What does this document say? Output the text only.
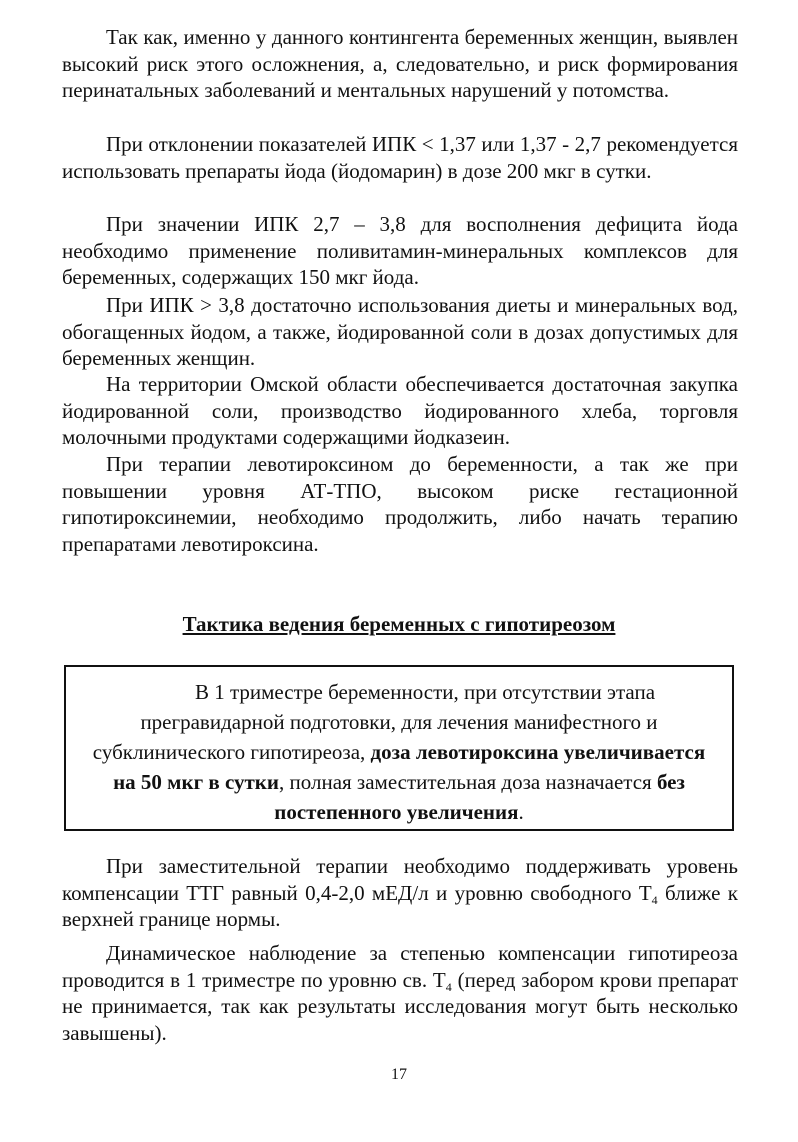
Так как, именно у данного контингента беременных женщин, выявлен высокий риск этого осложнения, а, следовательно, и риск формирования перинатальных заболеваний и ментальных нарушений у потомства.

При отклонении показателей ИПК < 1,37 или 1,37 - 2,7 рекомендуется использовать препараты йода (йодомарин) в дозе 200 мкг в сутки.

При значении ИПК 2,7 – 3,8 для восполнения дефицита йода необходимо применение поливитамин-минеральных комплексов для беременных, содержащих 150 мкг йода.

При ИПК > 3,8 достаточно использования диеты и минеральных вод, обогащенных йодом, а также, йодированной соли в дозах допустимых для беременных женщин.

На территории Омской области обеспечивается достаточная закупка йодированной соли, производство йодированного хлеба, торговля молочными продуктами содержащими йодказеин.

При терапии левотироксином до беременности, а так же при повышении уровня АТ-ТПО, высоком риске гестационной гипотироксинемии, необходимо продолжить, либо начать терапию препаратами левотироксина.

Тактика ведения беременных с гипотиреозом

В 1 триместре беременности, при отсутствии этапа прегравидарной подготовки, для лечения манифестного и субклинического гипотиреоза, доза левотироксина увеличивается на 50 мкг в сутки, полная заместительная доза назначается без постепенного увеличения.

При заместительной терапии необходимо поддерживать уровень компенсации ТТГ равный 0,4-2,0 мЕД/л и уровню свободного $Т_4$ ближе к верхней границе нормы.

Динамическое наблюдение за степенью компенсации гипотиреоза проводится в 1 триместре по уровню св. $Т_4$ (перед забором крови препарат не принимается, так как результаты исследования могут быть несколько завышены).

17
